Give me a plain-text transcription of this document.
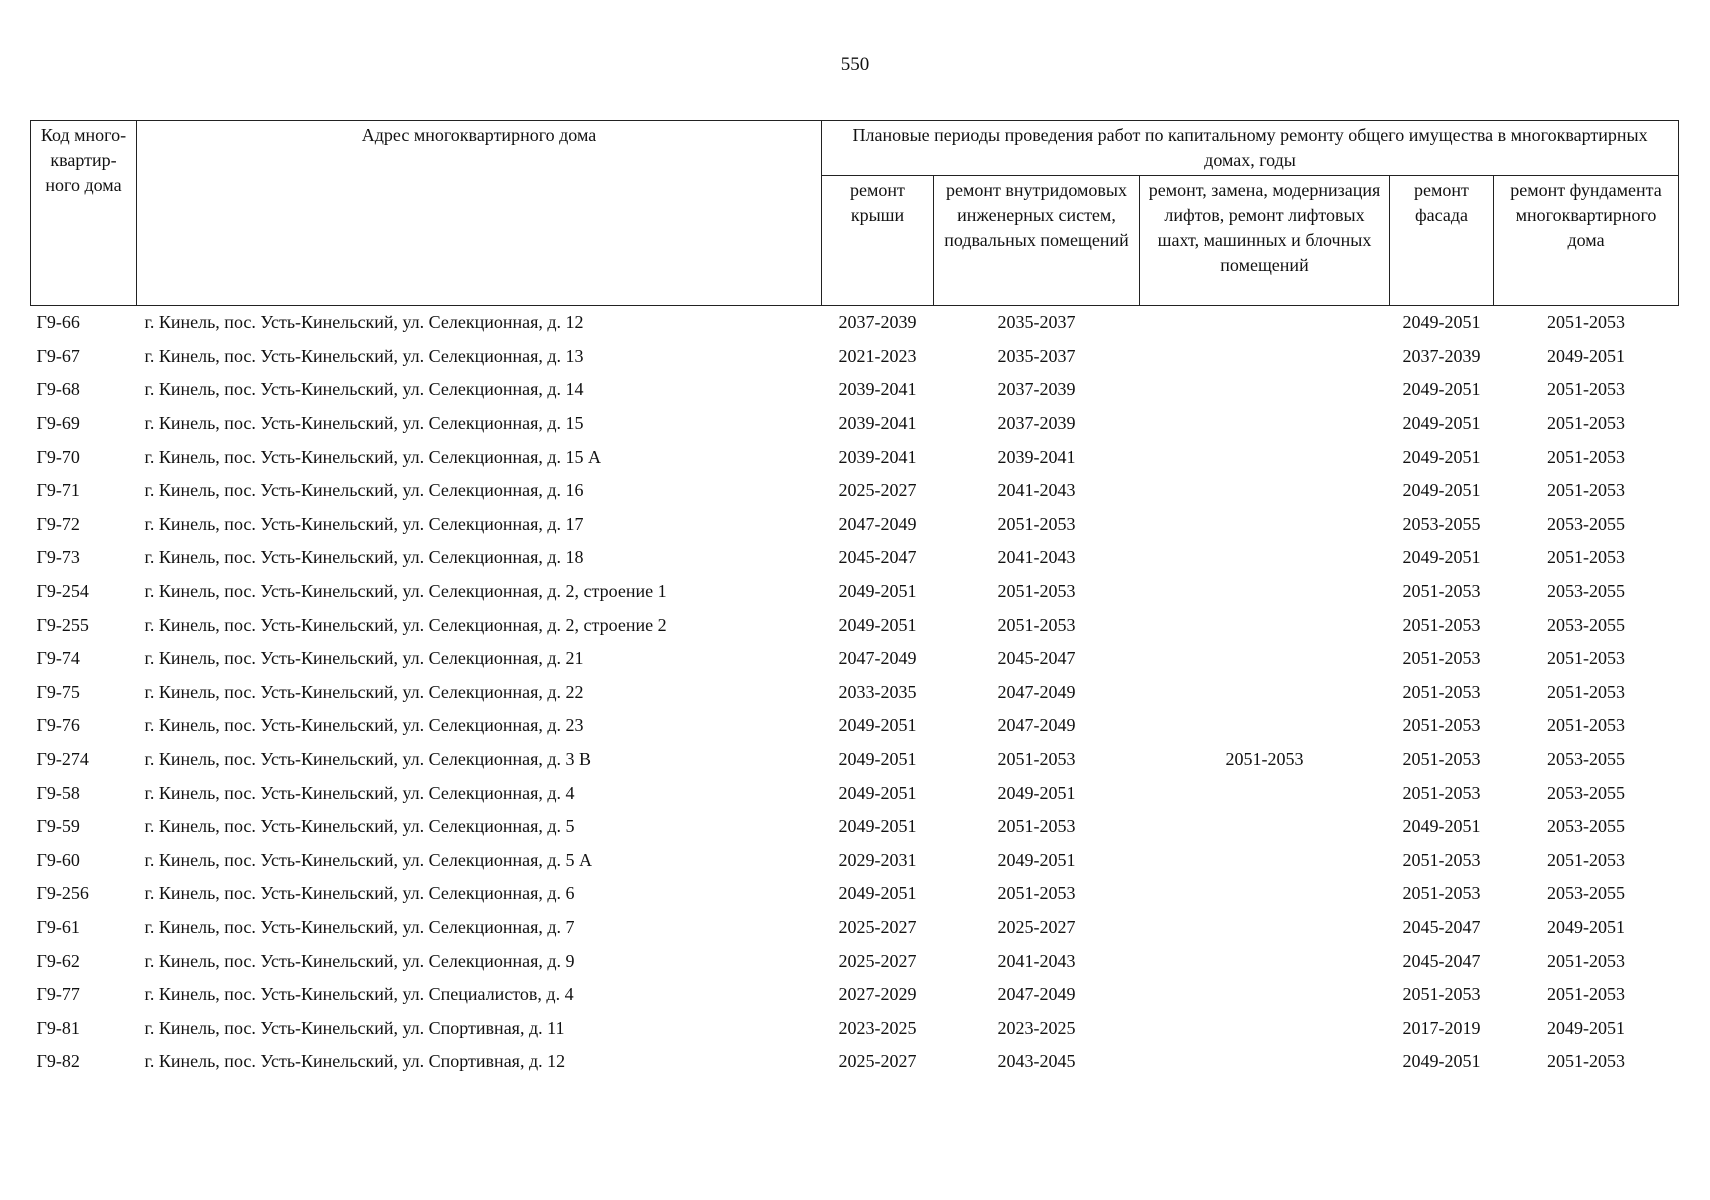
550
Код много-квартир-ного дома	Адрес многоквартирного дома	Плановые периоды проведения работ по капитальному ремонту общего имущества в многоквартирных домах, годы				
		ремонт крыши	ремонт внутридомовых инженерных систем, подвальных помещений	ремонт, замена, модернизация лифтов, ремонт лифтовых шахт, машинных и блочных помещений	ремонт фасада	ремонт фундамента многоквартирного дома
Г9-66	г. Кинель, пос. Усть-Кинельский, ул. Селекционная, д. 12	2037-2039	2035-2037		2049-2051	2051-2053
Г9-67	г. Кинель, пос. Усть-Кинельский, ул. Селекционная, д. 13	2021-2023	2035-2037		2037-2039	2049-2051
Г9-68	г. Кинель, пос. Усть-Кинельский, ул. Селекционная, д. 14	2039-2041	2037-2039		2049-2051	2051-2053
Г9-69	г. Кинель, пос. Усть-Кинельский, ул. Селекционная, д. 15	2039-2041	2037-2039		2049-2051	2051-2053
Г9-70	г. Кинель, пос. Усть-Кинельский, ул. Селекционная, д. 15 А	2039-2041	2039-2041		2049-2051	2051-2053
Г9-71	г. Кинель, пос. Усть-Кинельский, ул. Селекционная, д. 16	2025-2027	2041-2043		2049-2051	2051-2053
Г9-72	г. Кинель, пос. Усть-Кинельский, ул. Селекционная, д. 17	2047-2049	2051-2053		2053-2055	2053-2055
Г9-73	г. Кинель, пос. Усть-Кинельский, ул. Селекционная, д. 18	2045-2047	2041-2043		2049-2051	2051-2053
Г9-254	г. Кинель, пос. Усть-Кинельский, ул. Селекционная, д. 2, строение 1	2049-2051	2051-2053		2051-2053	2053-2055
Г9-255	г. Кинель, пос. Усть-Кинельский, ул. Селекционная, д. 2, строение 2	2049-2051	2051-2053		2051-2053	2053-2055
Г9-74	г. Кинель, пос. Усть-Кинельский, ул. Селекционная, д. 21	2047-2049	2045-2047		2051-2053	2051-2053
Г9-75	г. Кинель, пос. Усть-Кинельский, ул. Селекционная, д. 22	2033-2035	2047-2049		2051-2053	2051-2053
Г9-76	г. Кинель, пос. Усть-Кинельский, ул. Селекционная, д. 23	2049-2051	2047-2049		2051-2053	2051-2053
Г9-274	г. Кинель, пос. Усть-Кинельский, ул. Селекционная, д. 3 В	2049-2051	2051-2053	2051-2053	2051-2053	2053-2055
Г9-58	г. Кинель, пос. Усть-Кинельский, ул. Селекционная, д. 4	2049-2051	2049-2051		2051-2053	2053-2055
Г9-59	г. Кинель, пос. Усть-Кинельский, ул. Селекционная, д. 5	2049-2051	2051-2053		2049-2051	2053-2055
Г9-60	г. Кинель, пос. Усть-Кинельский, ул. Селекционная, д. 5 А	2029-2031	2049-2051		2051-2053	2051-2053
Г9-256	г. Кинель, пос. Усть-Кинельский, ул. Селекционная, д. 6	2049-2051	2051-2053		2051-2053	2053-2055
Г9-61	г. Кинель, пос. Усть-Кинельский, ул. Селекционная, д. 7	2025-2027	2025-2027		2045-2047	2049-2051
Г9-62	г. Кинель, пос. Усть-Кинельский, ул. Селекционная, д. 9	2025-2027	2041-2043		2045-2047	2051-2053
Г9-77	г. Кинель, пос. Усть-Кинельский, ул. Специалистов, д. 4	2027-2029	2047-2049		2051-2053	2051-2053
Г9-81	г. Кинель, пос. Усть-Кинельский, ул. Спортивная, д. 11	2023-2025	2023-2025		2017-2019	2049-2051
Г9-82	г. Кинель, пос. Усть-Кинельский, ул. Спортивная, д. 12	2025-2027	2043-2045		2049-2051	2051-2053
